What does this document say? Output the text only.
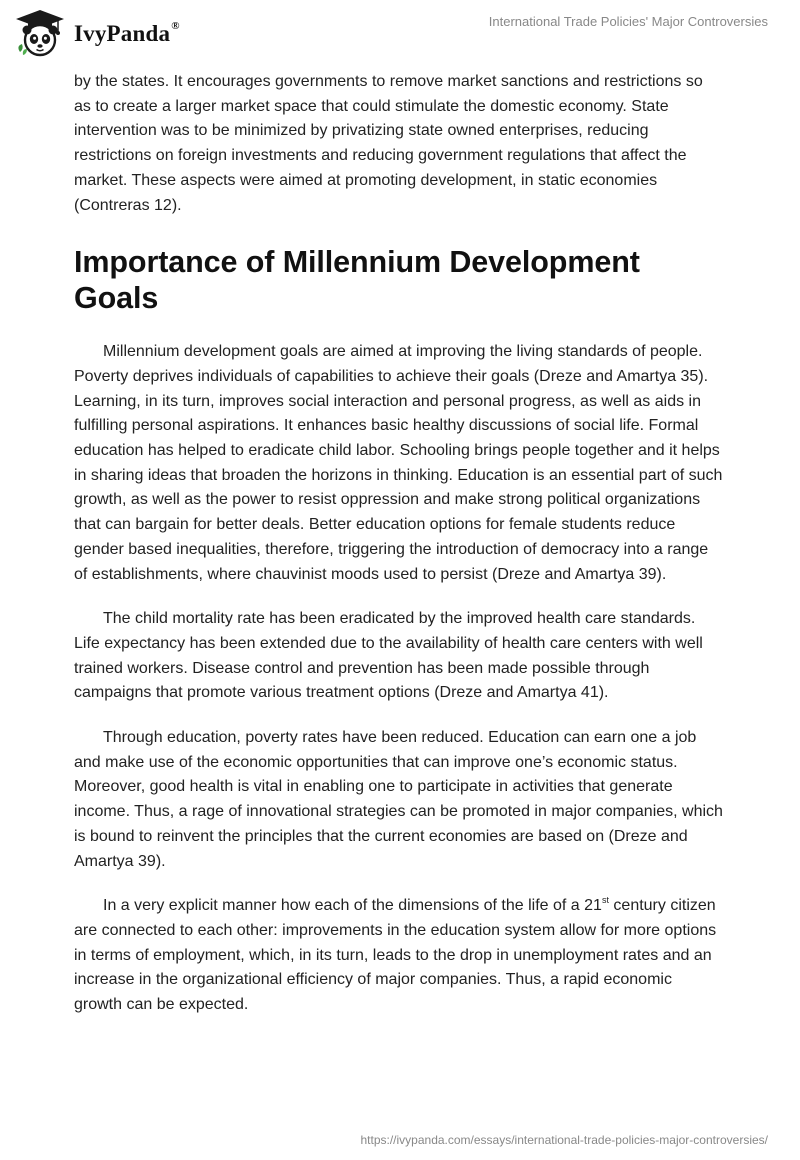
IvyPanda®	International Trade Policies' Major Controversies

by the states. It encourages governments to remove market sanctions and restrictions so as to create a larger market space that could stimulate the domestic economy. State intervention was to be minimized by privatizing state owned enterprises, reducing restrictions on foreign investments and reducing government regulations that affect the market. These aspects were aimed at promoting development, in static economies (Contreras 12).

Importance of Millennium Development Goals

Millennium development goals are aimed at improving the living standards of people. Poverty deprives individuals of capabilities to achieve their goals (Dreze and Amartya 35). Learning, in its turn, improves social interaction and personal progress, as well as aids in fulfilling personal aspirations. It enhances basic healthy discussions of social life. Formal education has helped to eradicate child labor. Schooling brings people together and it helps in sharing ideas that broaden the horizons in thinking. Education is an essential part of such growth, as well as the power to resist oppression and make strong political organizations that can bargain for better deals. Better education options for female students reduce gender based inequalities, therefore, triggering the introduction of democracy into a range of establishments, where chauvinist moods used to persist (Dreze and Amartya 39).

The child mortality rate has been eradicated by the improved health care standards. Life expectancy has been extended due to the availability of health care centers with well trained workers. Disease control and prevention has been made possible through campaigns that promote various treatment options (Dreze and Amartya 41).

Through education, poverty rates have been reduced. Education can earn one a job and make use of the economic opportunities that can improve one’s economic status. Moreover, good health is vital in enabling one to participate in activities that generate income. Thus, a rage of innovational strategies can be promoted in major companies, which is bound to reinvent the principles that the current economies are based on (Dreze and Amartya 39).

In a very explicit manner how each of the dimensions of the life of a 21st century citizen are connected to each other: improvements in the education system allow for more options in terms of employment, which, in its turn, leads to the drop in unemployment rates and an increase in the organizational efficiency of major companies. Thus, a rapid economic growth can be expected.

https://ivypanda.com/essays/international-trade-policies-major-controversies/
